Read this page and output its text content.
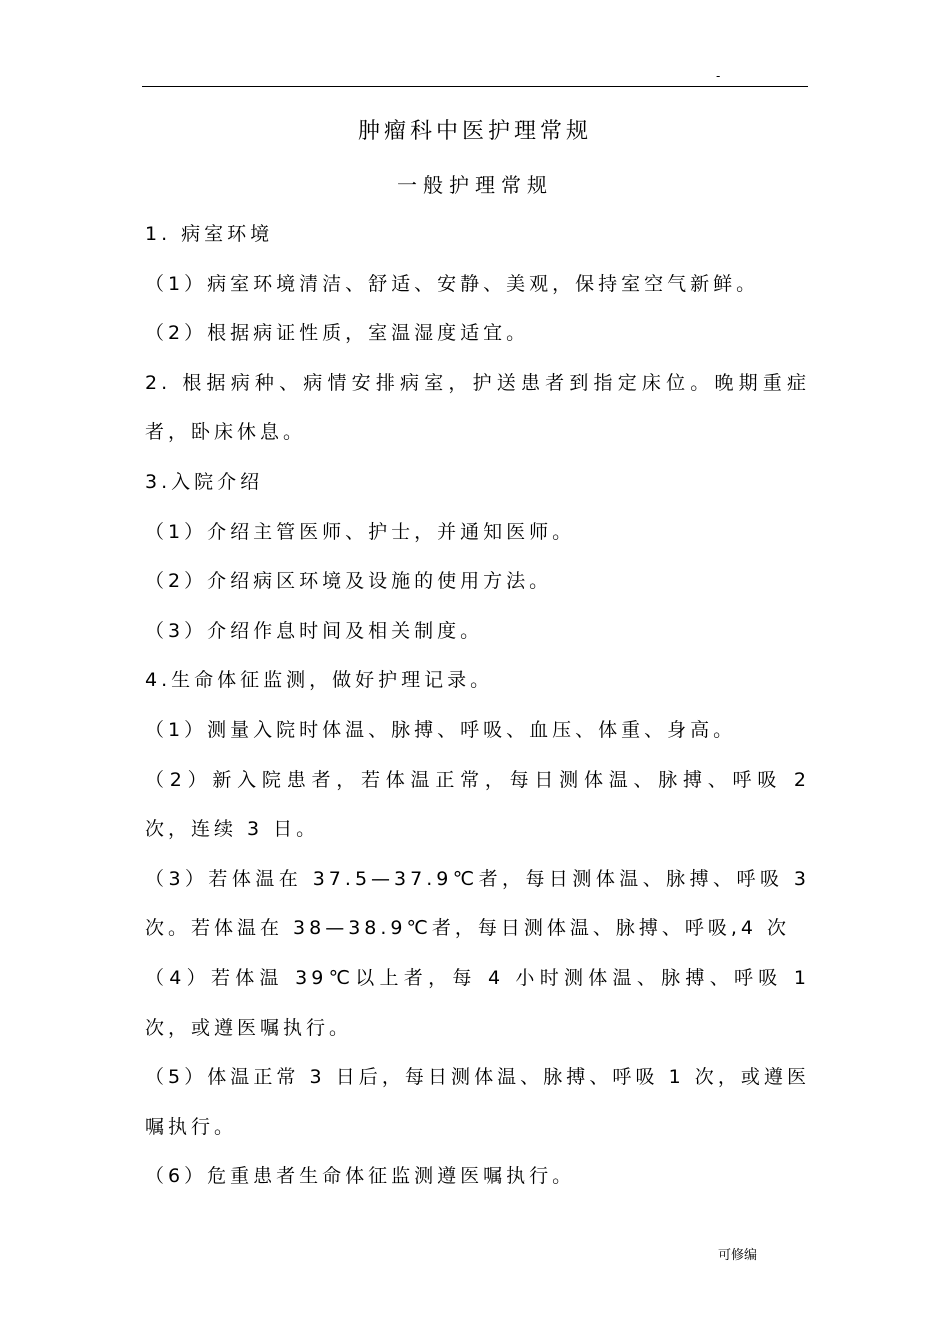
-
肿瘤科中医护理常规
一般护理常规

1. 病室环境

（1）病室环境清洁、舒适、安静、美观，保持室空气新鲜。

（2）根据病证性质，室温湿度适宜。

2. 根据病种、病情安排病室，护送患者到指定床位。晚期重症者，卧床休息。

3.入院介绍

（1）介绍主管医师、护士，并通知医师。

（2）介绍病区环境及设施的使用方法。

（3）介绍作息时间及相关制度。

4.生命体征监测，做好护理记录。

（1）测量入院时体温、脉搏、呼吸、血压、体重、身高。

（2）新入院患者，若体温正常，每日测体温、脉搏、呼吸 2 次，连续 3 日。

（3）若体温在 37.5—37.9℃者，每日测体温、脉搏、呼吸 3 次。若体温在 38—38.9℃者，每日测体温、脉搏、呼吸,4 次

（4）若体温 39℃以上者，每 4 小时测体温、脉搏、呼吸 1 次，或遵医嘱执行。

（5）体温正常 3 日后，每日测体温、脉搏、呼吸 1 次，或遵医嘱执行。

（6）危重患者生命体征监测遵医嘱执行。

可修编
